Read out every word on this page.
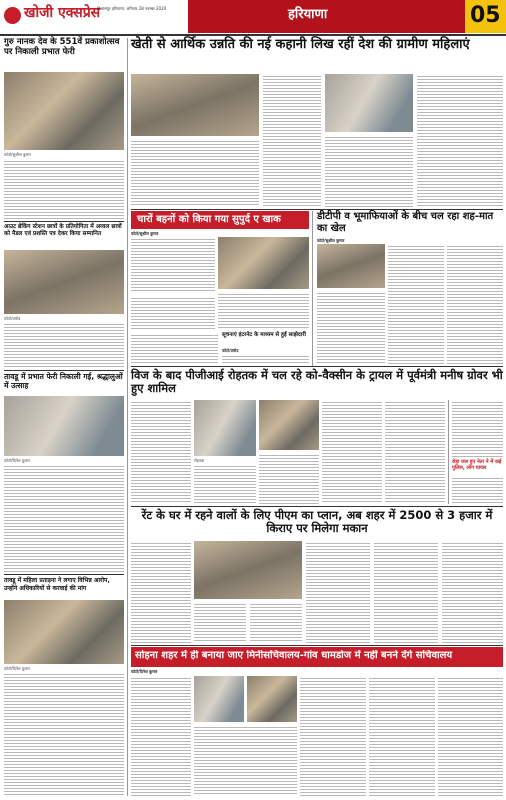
खोजी एक्सप्रेस
बिलासपुर हरियाणा, शनिवार 28 नवम्बर 2020	हरियाणा	05
गुरु नानक देव के 551वें प्रकाशोत्सव पर निकाली प्रभात फेरी
फोटो/सुशील कुमार
आउट ब्रेकिंग स्टेशन छात्रों के प्रतियोगिता में अव्वल छात्रों को मैडल एवं प्रशस्ति पत्र देकर किया सम्मानित
फोटो/प्रमोद
तावडू में प्रभात फेरी निकाली गई, श्रद्धालुओं में उत्साह
फोटो/दिनेश कुमार
तावडू में महिला प्रताड़ना ने लगाए विभिन्न आरोप, उन्होंने अधिकारियों से करवाई की मांग
फोटो/दिनेश कुमार
खेती से आर्थिक उन्नति की नई कहानी लिख रहीं देश की ग्रामीण महिलाएं
चारों बहनों को किया गया सुपुर्द ए खाक
फोटो/सुशील कुमार
सूचनाएं इंटरनेट के माध्यम से हुईं साझेदारी
फोटो/प्रमोद
डीटीपी व भूमाफियाओं के बीच चल रहा शह-मात का खेल
फोटो/सुशील कुमार
विज के बाद पीजीआई रोहतक में चल रहे को-वैक्सीन के ट्रायल में पूर्वमंत्री मनीष ग्रोवर भी हुए शामिल
रोहतक	रोहा जल हुए नेता ने में कई पुलिस, लोग घायल
रेंट के घर में रहने वालों के लिए पीएम का प्लान, अब शहर में 2500 से 3 हजार में किराए पर मिलेगा मकान
सोहना शहर में ही बनाया जाए मिनीसचिवालय-गांव धामडोज में नहीं बनने देंगे सचिवालय
फोटो/दिनेश कुमार
